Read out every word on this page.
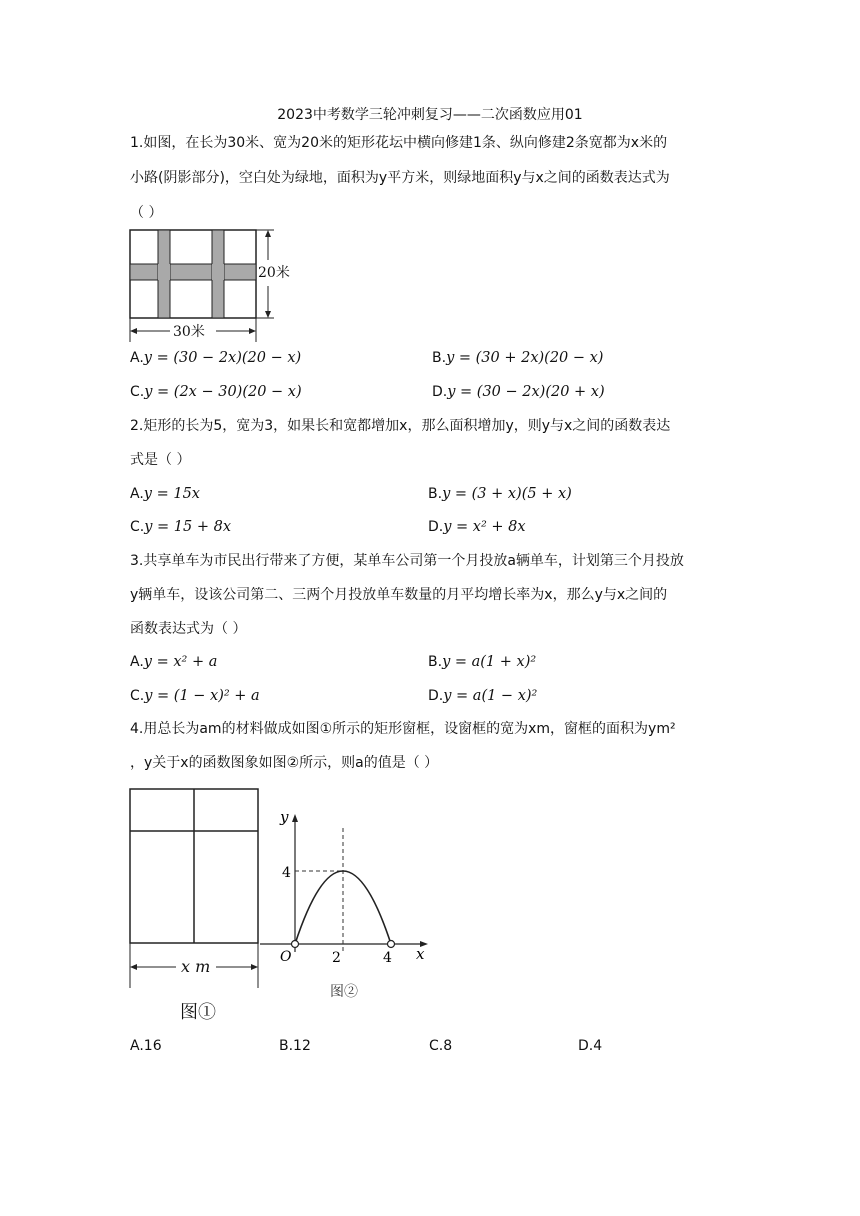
2023中考数学三轮冲刺复习——二次函数应用01
1.如图，在长为30米、宽为20米的矩形花坛中横向修建1条、纵向修建2条宽都为x米的
小路(阴影部分)，空白处为绿地，面积为y平方米，则绿地面积y与x之间的函数表达式为
（ ）
20米
30米
A.y = (30 − 2x)(20 − x)	B.y = (30 + 2x)(20 − x)
C.y = (2x − 30)(20 − x)	D.y = (30 − 2x)(20 + x)
2.矩形的长为5，宽为3，如果长和宽都增加x，那么面积增加y，则y与x之间的函数表达
式是（ ）
A.y = 15x	B.y = (3 + x)(5 + x)
C.y = 15 + 8x	D.y = x² + 8x
3.共享单车为市民出行带来了方便，某单车公司第一个月投放a辆单车，计划第三个月投放
y辆单车，设该公司第二、三两个月投放单车数量的月平均增长率为x，那么y与x之间的
函数表达式为（ ）
A.y = x² + a	B.y = a(1 + x)²
C.y = (1 − x)² + a	D.y = a(1 − x)²
4.用总长为am的材料做成如图①所示的矩形窗框，设窗框的宽为xm，窗框的面积为ym²
，y关于x的函数图象如图②所示，则a的值是（ ）
x m
图①
y
x
O
4
2	4
图②
A.16	B.12	C.8	D.4
